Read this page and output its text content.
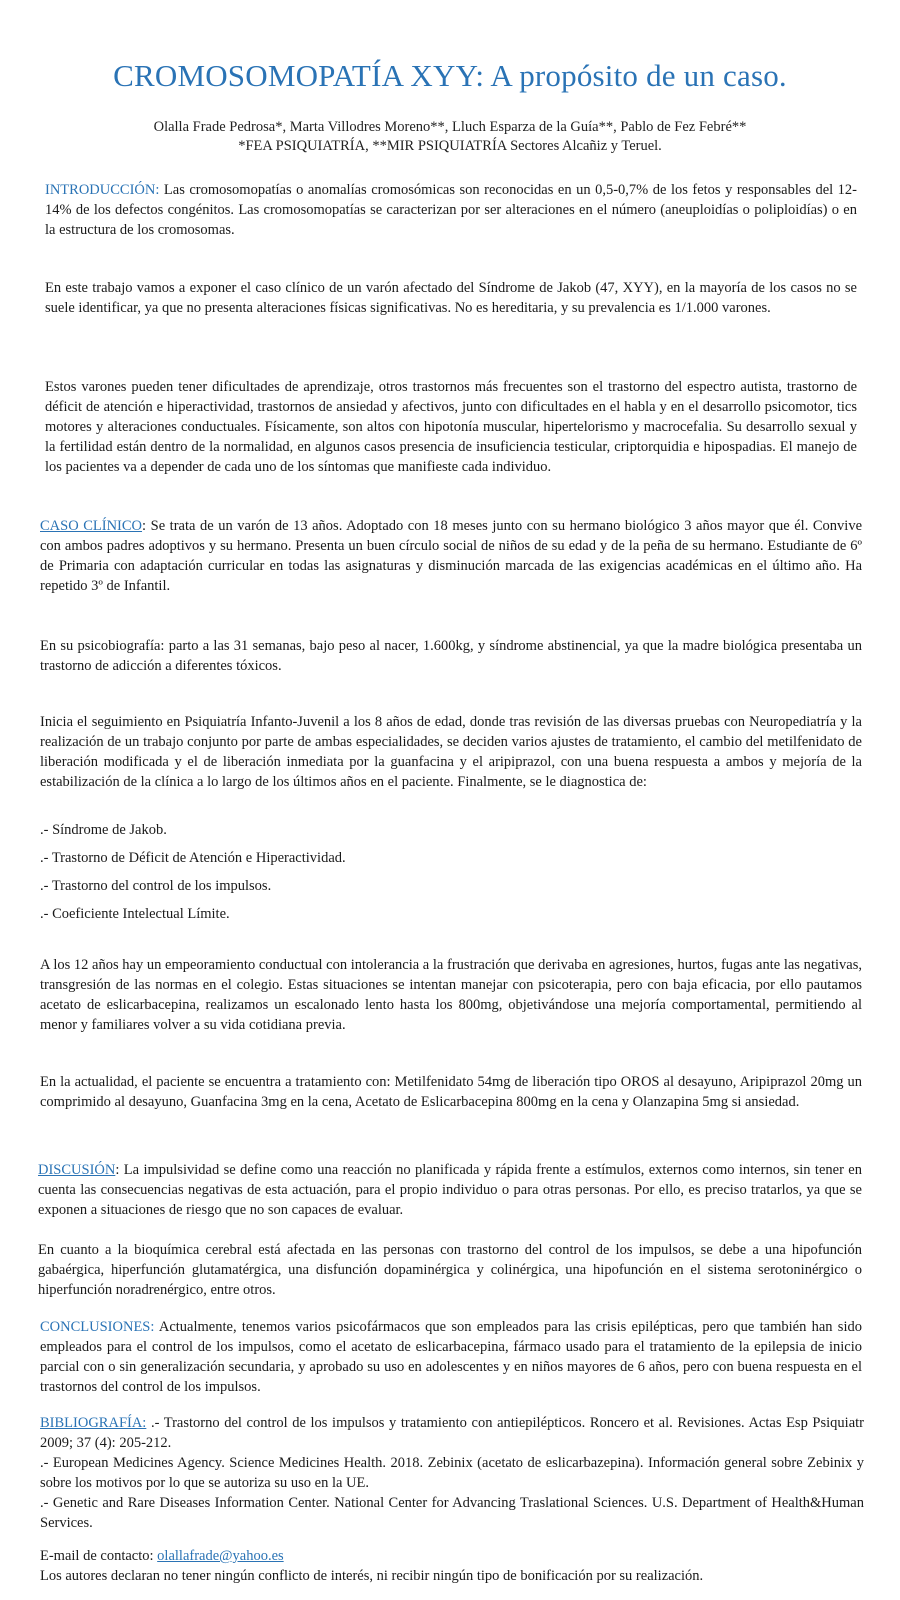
CROMOSOMOPATÍA XYY: A propósito de un caso.
Olalla Frade Pedrosa*, Marta Villodres Moreno**, Lluch Esparza de la Guía**, Pablo de Fez Febré**
*FEA PSIQUIATRÍA, **MIR PSIQUIATRÍA Sectores Alcañiz y Teruel.

INTRODUCCIÓN: Las cromosomopatías o anomalías cromosómicas son reconocidas en un 0,5-0,7% de los fetos y responsables del 12-14% de los defectos congénitos. Las cromosomopatías se caracterizan por ser alteraciones en el número (aneuploidías o poliploidías) o en la estructura de los cromosomas.

En este trabajo vamos a exponer el caso clínico de un varón afectado del Síndrome de Jakob (47, XYY), en la mayoría de los casos no se suele identificar, ya que no presenta alteraciones físicas significativas. No es hereditaria, y su prevalencia es 1/1.000 varones.

Estos varones pueden tener dificultades de aprendizaje, otros trastornos más frecuentes son el trastorno del espectro autista, trastorno de déficit de atención e hiperactividad, trastornos de ansiedad y afectivos, junto con dificultades en el habla y en el desarrollo psicomotor, tics motores y alteraciones conductuales. Físicamente, son altos con hipotonía muscular, hipertelorismo y macrocefalia. Su desarrollo sexual y la fertilidad están dentro de la normalidad, en algunos casos presencia de insuficiencia testicular, criptorquidia e hipospadias. El manejo de los pacientes va a depender de cada uno de los síntomas que manifieste cada individuo.

CASO CLÍNICO: Se trata de un varón de 13 años. Adoptado con 18 meses junto con su hermano biológico 3 años mayor que él. Convive con ambos padres adoptivos y su hermano. Presenta un buen círculo social de niños de su edad y de la peña de su hermano. Estudiante de 6º de Primaria con adaptación curricular en todas las asignaturas y disminución marcada de las exigencias académicas en el último año. Ha repetido 3º de Infantil.

En su psicobiografía: parto a las 31 semanas, bajo peso al nacer, 1.600kg, y síndrome abstinencial, ya que la madre biológica presentaba un trastorno de adicción a diferentes tóxicos.

Inicia el seguimiento en Psiquiatría Infanto-Juvenil a los 8 años de edad, donde tras revisión de las diversas pruebas con Neuropediatría y la realización de un trabajo conjunto por parte de ambas especialidades, se deciden varios ajustes de tratamiento, el cambio del metilfenidato de liberación modificada y el de liberación inmediata por la guanfacina y el aripiprazol, con una buena respuesta a ambos y mejoría de la estabilización de la clínica a lo largo de los últimos años en el paciente. Finalmente, se le diagnostica de:

.- Síndrome de Jakob.

.- Trastorno de Déficit de Atención e Hiperactividad.

.- Trastorno del control de los impulsos.

.- Coeficiente Intelectual Límite.

A los 12 años hay un empeoramiento conductual con intolerancia a la frustración que derivaba en agresiones, hurtos, fugas ante las negativas, transgresión de las normas en el colegio. Estas situaciones se intentan manejar con psicoterapia, pero con baja eficacia, por ello pautamos acetato de eslicarbacepina, realizamos un escalonado lento hasta los 800mg, objetivándose una mejoría comportamental, permitiendo al menor y familiares volver a su vida cotidiana previa.

En la actualidad, el paciente se encuentra a tratamiento con: Metilfenidato 54mg de liberación tipo OROS al desayuno, Aripiprazol 20mg un comprimido al desayuno, Guanfacina 3mg en la cena, Acetato de Eslicarbacepina 800mg en la cena y Olanzapina 5mg si ansiedad.

DISCUSIÓN: La impulsividad se define como una reacción no planificada y rápida frente a estímulos, externos como internos, sin tener en cuenta las consecuencias negativas de esta actuación, para el propio individuo o para otras personas. Por ello, es preciso tratarlos, ya que se exponen a situaciones de riesgo que no son capaces de evaluar.

En cuanto a la bioquímica cerebral está afectada en las personas con trastorno del control de los impulsos, se debe a una hipofunción gabaérgica, hiperfunción glutamatérgica, una disfunción dopaminérgica y colinérgica, una hipofunción en el sistema serotoninérgico o hiperfunción noradrenérgico, entre otros.

CONCLUSIONES: Actualmente, tenemos varios psicofármacos que son empleados para las crisis epilépticas, pero que también han sido empleados para el control de los impulsos, como el acetato de eslicarbacepina, fármaco usado para el tratamiento de la epilepsia de inicio parcial con o sin generalización secundaria, y aprobado su uso en adolescentes y en niños mayores de 6 años, pero con buena respuesta en el trastornos del control de los impulsos.

BIBLIOGRAFÍA: .- Trastorno del control de los impulsos y tratamiento con antiepilépticos. Roncero et al. Revisiones. Actas Esp Psiquiatr 2009; 37 (4): 205-212.
.- European Medicines Agency. Science Medicines Health. 2018. Zebinix (acetato de eslicarbazepina). Información general sobre Zebinix y sobre los motivos por lo que se autoriza su uso en la UE.
.- Genetic and Rare Diseases Information Center. National Center for Advancing Traslational Sciences. U.S. Department of Health&Human Services.
E-mail de contacto: olallafrade@yahoo.es
Los autores declaran no tener ningún conflicto de interés, ni recibir ningún tipo de bonificación por su realización.
